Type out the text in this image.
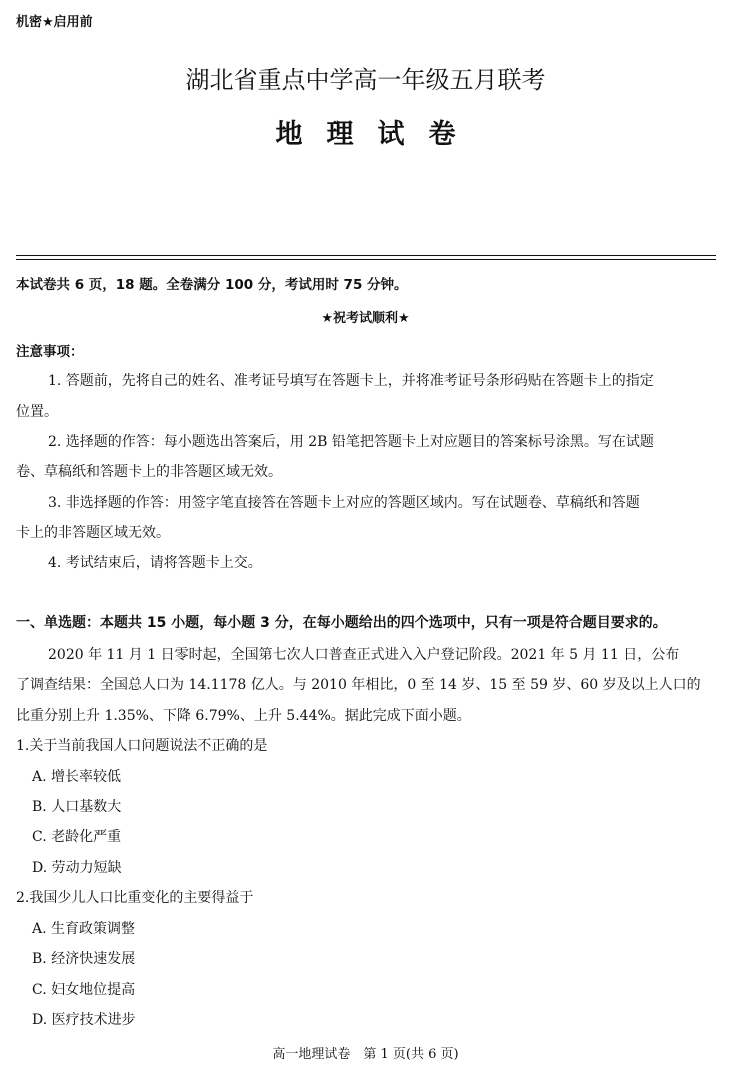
机密★启用前
湖北省重点中学高一年级五月联考
地理试卷
本试卷共 6 页，18 题。全卷满分 100 分，考试用时 75 分钟。
★祝考试顺利★
注意事项：
1. 答题前，先将自己的姓名、准考证号填写在答题卡上，并将准考证号条形码贴在答题卡上的指定
位置。
2. 选择题的作答：每小题选出答案后，用 2B 铅笔把答题卡上对应题目的答案标号涂黑。写在试题
卷、草稿纸和答题卡上的非答题区域无效。
3. 非选择题的作答：用签字笔直接答在答题卡上对应的答题区域内。写在试题卷、草稿纸和答题
卡上的非答题区域无效。
4. 考试结束后，请将答题卡上交。
一、单选题：本题共 15 小题，每小题 3 分，在每小题给出的四个选项中，只有一项是符合题目要求的。
2020 年 11 月 1 日零时起，全国第七次人口普查正式进入入户登记阶段。2021 年 5 月 11 日，公布
了调查结果：全国总人口为 14.1178 亿人。与 2010 年相比，0 至 14 岁、15 至 59 岁、60 岁及以上人口的
比重分别上升 1.35%、下降 6.79%、上升 5.44%。据此完成下面小题。
1.关于当前我国人口问题说法不正确的是
A. 增长率较低
B. 人口基数大
C. 老龄化严重
D. 劳动力短缺
2.我国少儿人口比重变化的主要得益于
A. 生育政策调整
B. 经济快速发展
C. 妇女地位提高
D. 医疗技术进步
高一地理试卷　第 1 页(共 6 页)
